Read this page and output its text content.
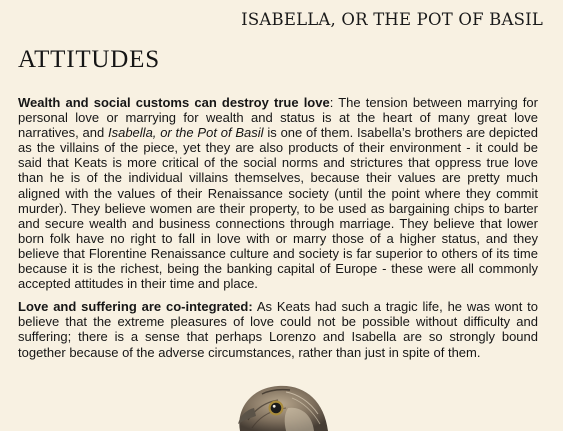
ISABELLA, OR THE POT OF BASIL
ATTITUDES

Wealth and social customs can destroy true love: The tension between marrying for personal love or marrying for wealth and status is at the heart of many great love narratives, and Isabella, or the Pot of Basil is one of them. Isabella’s brothers are depicted as the villains of the piece, yet they are also products of their environment - it could be said that Keats is more critical of the social norms and strictures that oppress true love than he is of the individual villains themselves, because their values are pretty much aligned with the values of their Renaissance society (until the point where they commit murder). They believe women are their property, to be used as bargaining chips to barter and secure wealth and business connections through marriage. They believe that lower born folk have no right to fall in love with or marry those of a higher status, and they believe that Florentine Renaissance culture and society is far superior to others of its time because it is the richest, being the banking capital of Europe - these were all commonly accepted attitudes in their time and place.

Love and suffering are co-integrated: As Keats had such a tragic life, he was wont to believe that the extreme pleasures of love could not be possible without difficulty and suffering; there is a sense that perhaps Lorenzo and Isabella are so strongly bound together because of the adverse circumstances, rather than just in spite of them.
